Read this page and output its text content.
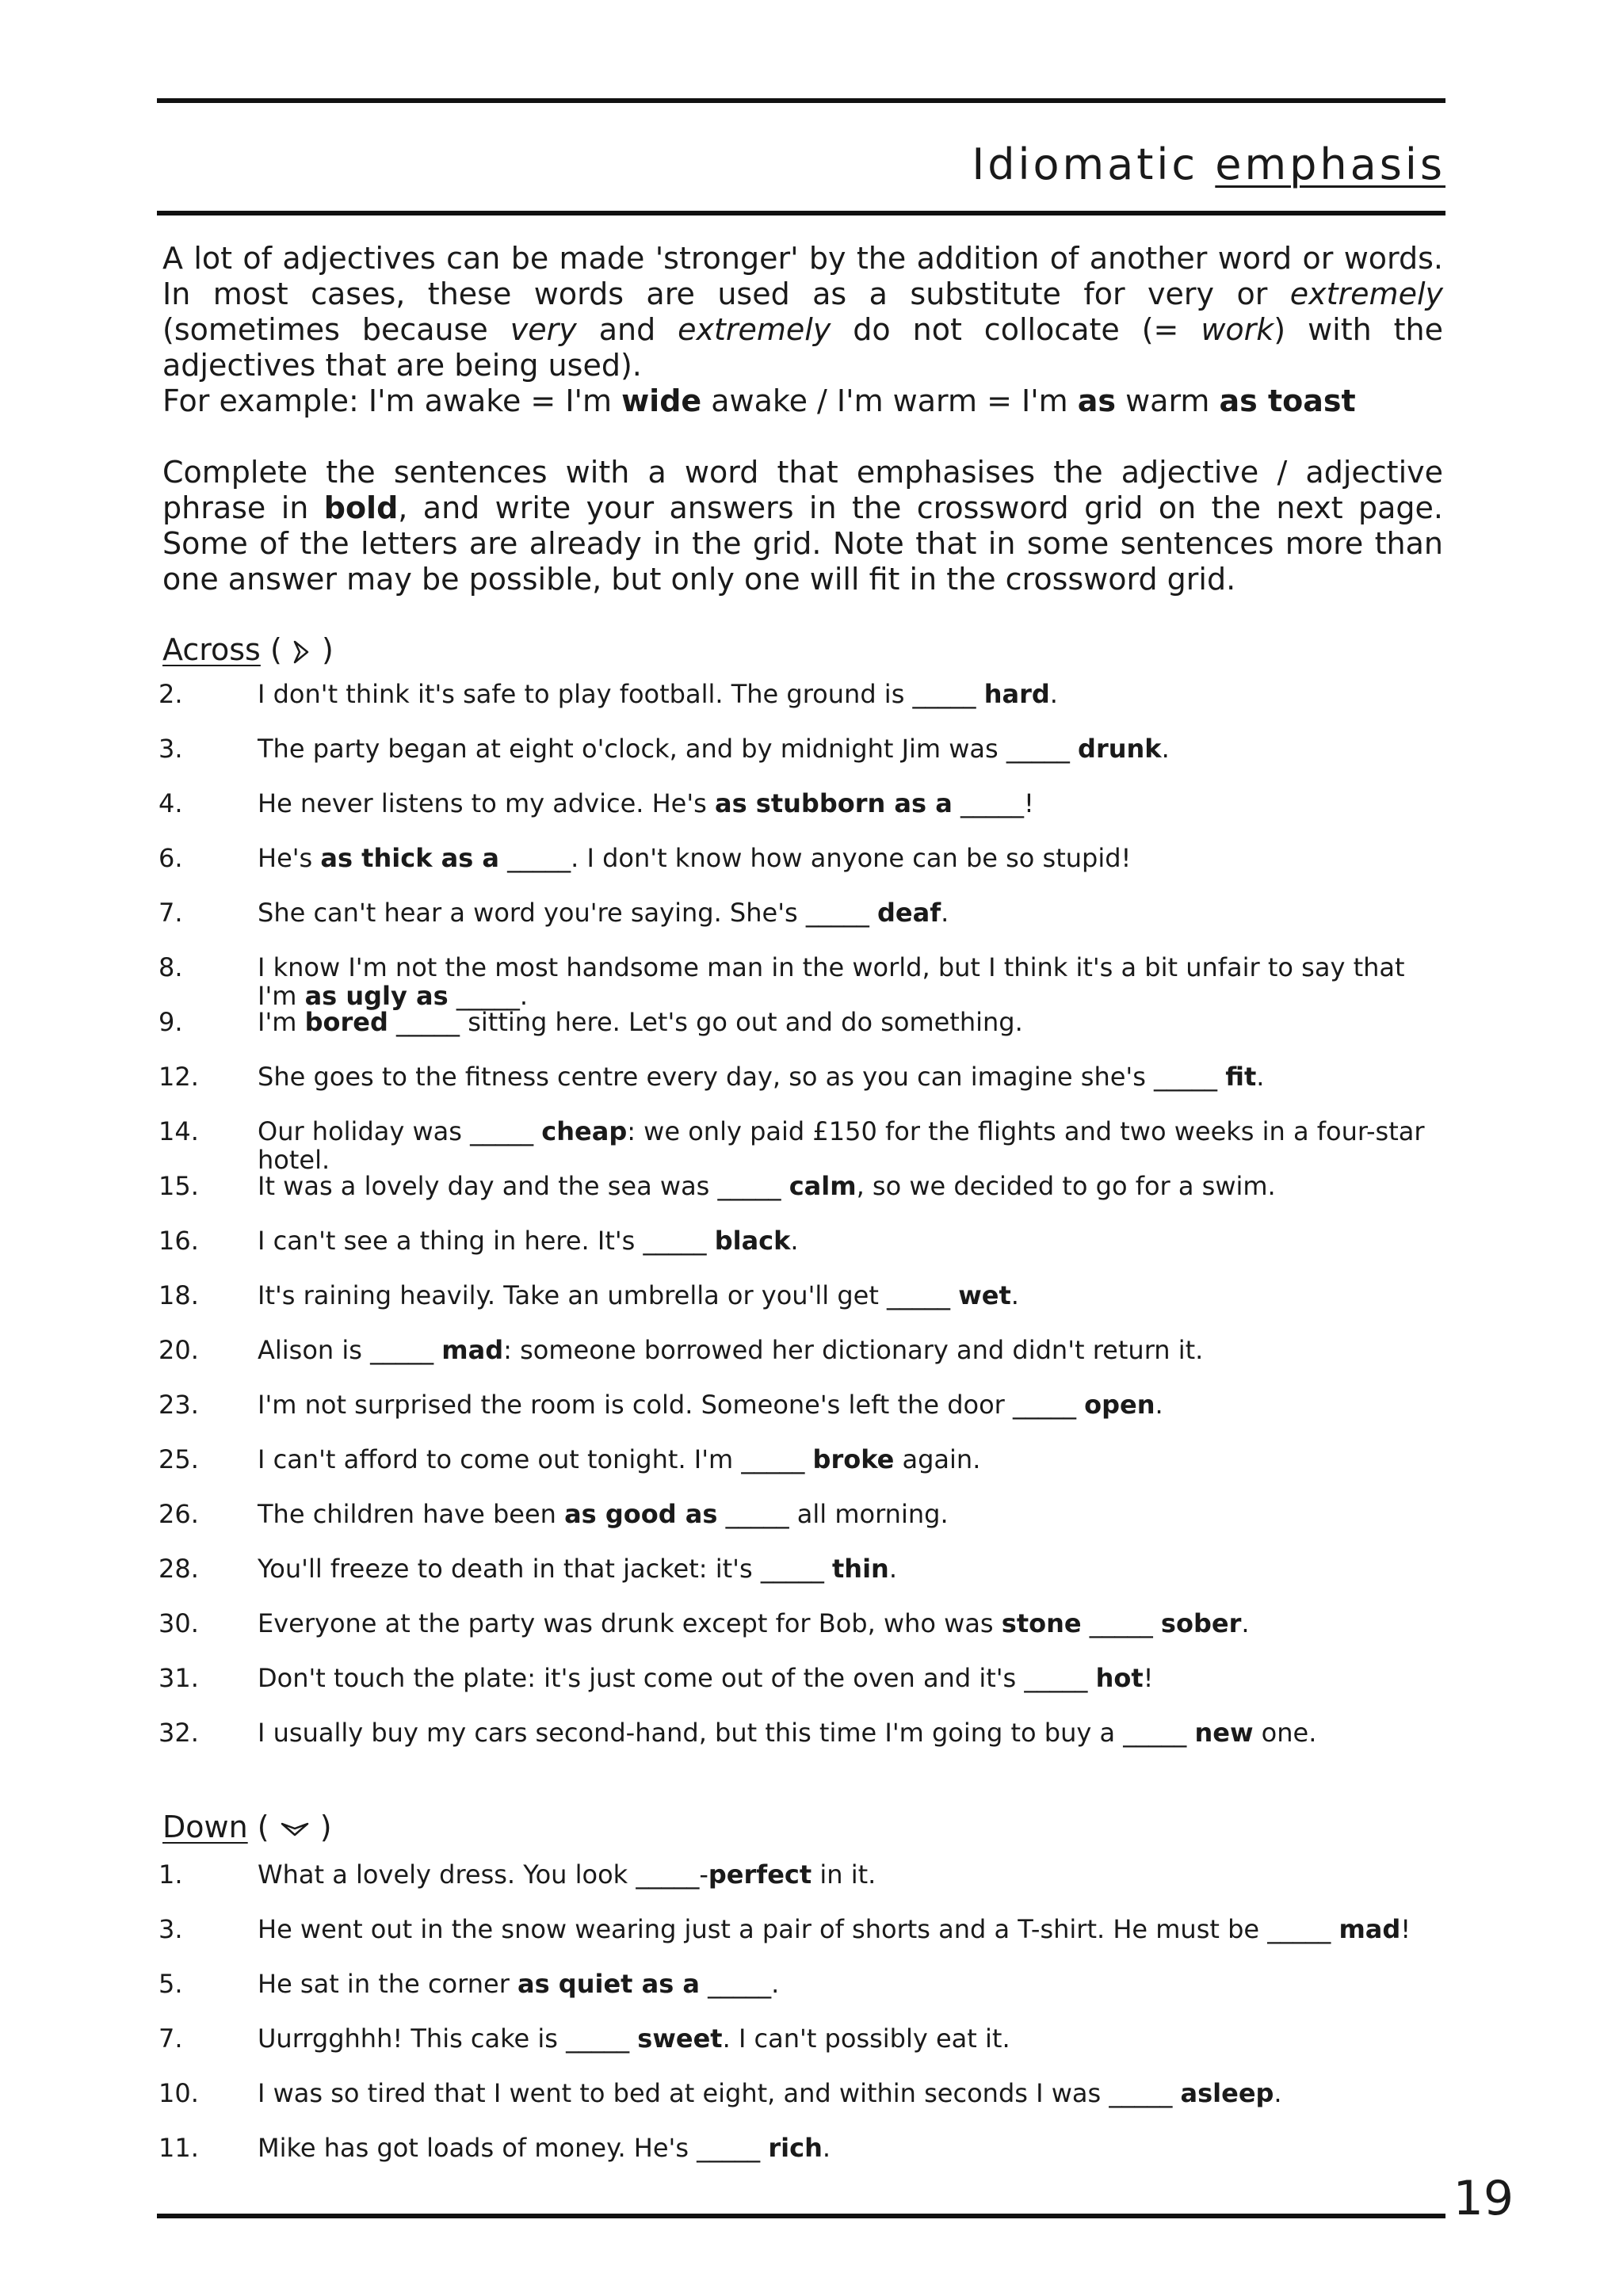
Idiomatic emphasis

A lot of adjectives can be made 'stronger' by the addition of another word or words. In most cases, these words are used as a substitute for very or extremely (sometimes because very and extremely do not collocate (= work) with the adjectives that are being used).

For example: I'm awake = I'm wide awake / I'm warm = I'm as warm as toast

Complete the sentences with a word that emphasises the adjective / adjective phrase in bold, and write your answers in the crossword grid on the next page. Some of the letters are already in the grid. Note that in some sentences more than one answer may be possible, but only one will fit in the crossword grid.

Across ( )
2.	I don't think it's safe to play football. The ground is _____ hard.
3.	The party began at eight o'clock, and by midnight Jim was _____ drunk.
4.	He never listens to my advice. He's as stubborn as a _____!
6.	He's as thick as a _____. I don't know how anyone can be so stupid!
7.	She can't hear a word you're saying. She's _____ deaf.
8.	I know I'm not the most handsome man in the world, but I think it's a bit unfair to say that I'm as ugly as _____.
9.	I'm bored _____ sitting here. Let's go out and do something.
12.	She goes to the fitness centre every day, so as you can imagine she's _____ fit.
14.	Our holiday was _____ cheap: we only paid £150 for the flights and two weeks in a four-star hotel.
15.	It was a lovely day and the sea was _____ calm, so we decided to go for a swim.
16.	I can't see a thing in here. It's _____ black.
18.	It's raining heavily. Take an umbrella or you'll get _____ wet.
20.	Alison is _____ mad: someone borrowed her dictionary and didn't return it.
23.	I'm not surprised the room is cold. Someone's left the door _____ open.
25.	I can't afford to come out tonight. I'm _____ broke again.
26.	The children have been as good as _____ all morning.
28.	You'll freeze to death in that jacket: it's _____ thin.
30.	Everyone at the party was drunk except for Bob, who was stone _____ sober.
31.	Don't touch the plate: it's just come out of the oven and it's _____ hot!
32.	I usually buy my cars second-hand, but this time I'm going to buy a _____ new one.
Down ( )
1.	What a lovely dress. You look _____-perfect in it.
3.	He went out in the snow wearing just a pair of shorts and a T-shirt. He must be _____ mad!
5.	He sat in the corner as quiet as a _____.
7.	Uurrgghhh! This cake is _____ sweet. I can't possibly eat it.
10.	I was so tired that I went to bed at eight, and within seconds I was _____ asleep.
11.	Mike has got loads of money. He's _____ rich.

19
